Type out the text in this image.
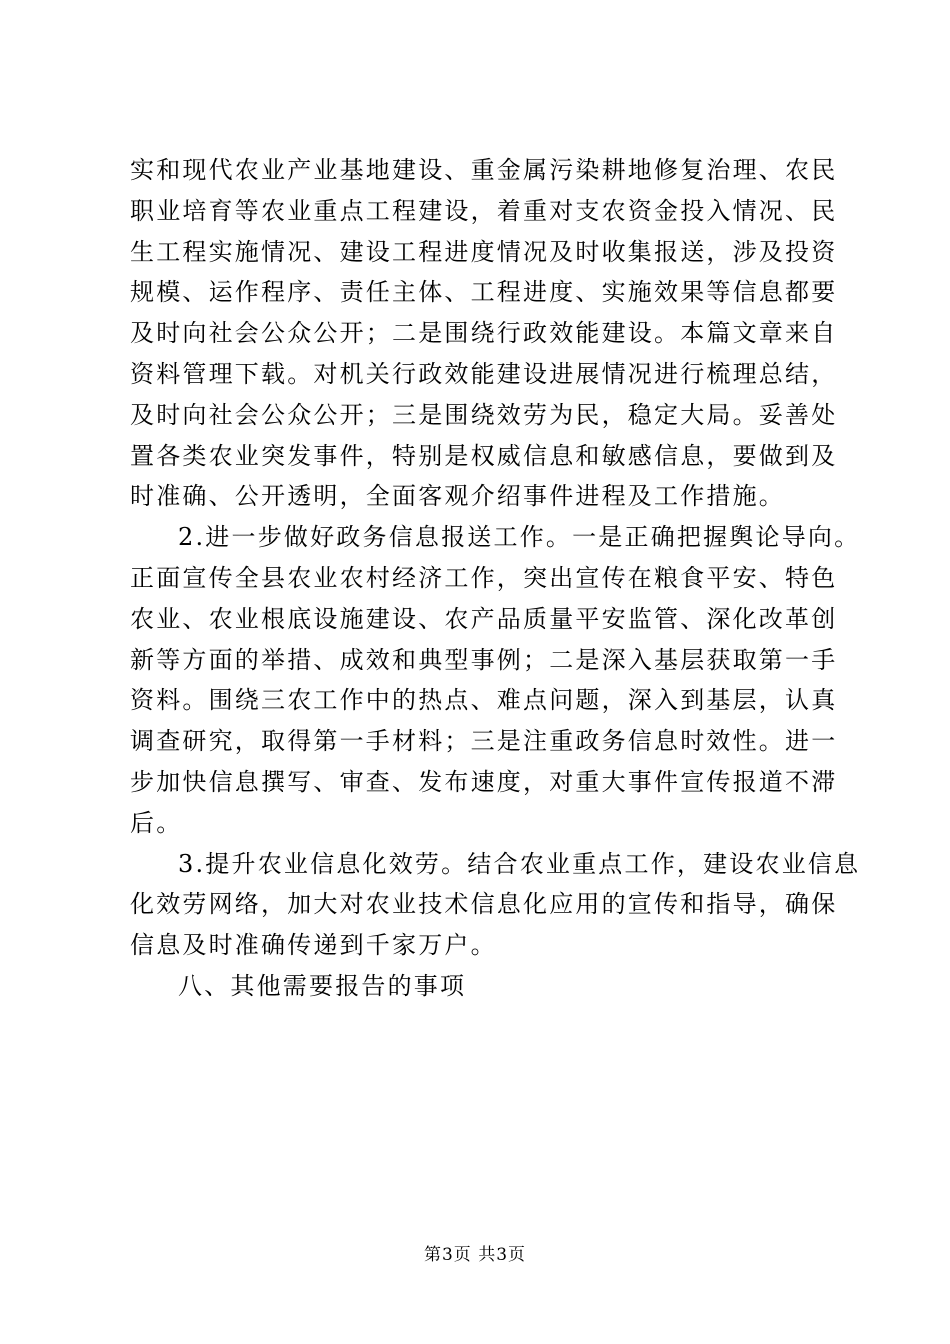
实和现代农业产业基地建设、重金属污染耕地修复治理、农民
职业培育等农业重点工程建设，着重对支农资金投入情况、民
生工程实施情况、建设工程进度情况及时收集报送，涉及投资
规模、运作程序、责任主体、工程进度、实施效果等信息都要
及时向社会公众公开；二是围绕行政效能建设。本篇文章来自
资料管理下载。对机关行政效能建设进展情况进行梳理总结，
及时向社会公众公开；三是围绕效劳为民，稳定大局。妥善处
置各类农业突发事件，特别是权威信息和敏感信息，要做到及
时准确、公开透明，全面客观介绍事件进程及工作措施。
2.进一步做好政务信息报送工作。一是正确把握舆论导向。
正面宣传全县农业农村经济工作，突出宣传在粮食平安、特色
农业、农业根底设施建设、农产品质量平安监管、深化改革创
新等方面的举措、成效和典型事例；二是深入基层获取第一手
资料。围绕三农工作中的热点、难点问题，深入到基层，认真
调查研究，取得第一手材料；三是注重政务信息时效性。进一
步加快信息撰写、审查、发布速度，对重大事件宣传报道不滞
后。
3.提升农业信息化效劳。结合农业重点工作，建设农业信息
化效劳网络，加大对农业技术信息化应用的宣传和指导，确保
信息及时准确传递到千家万户。
八、其他需要报告的事项
第3页 共3页
